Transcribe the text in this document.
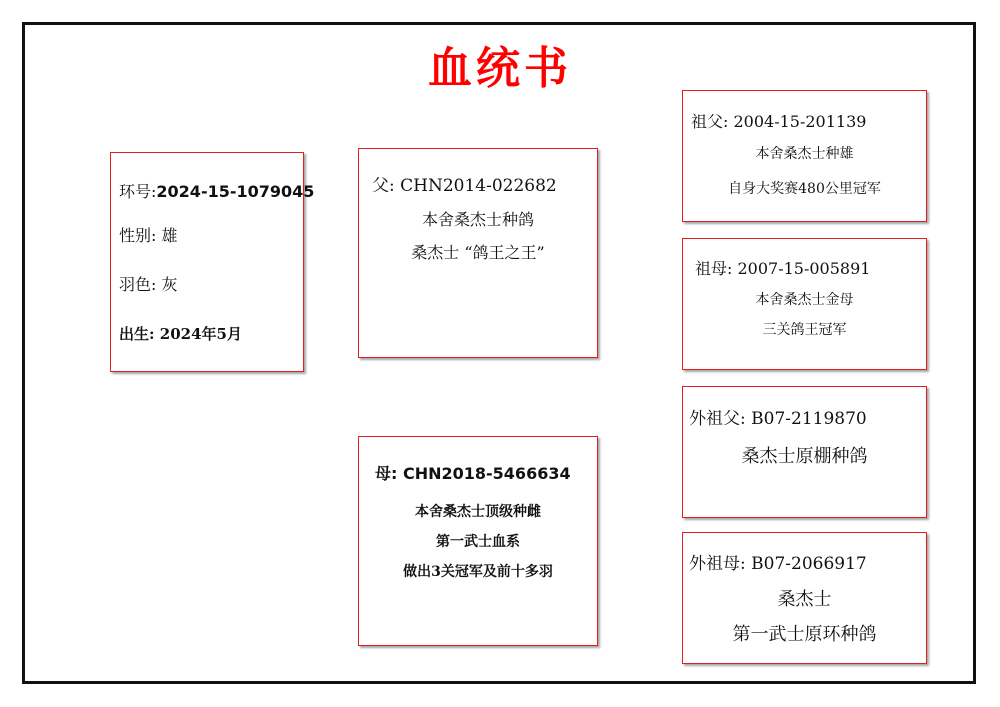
血统书
环号:2024-15-1079045
性别: 雄
羽色: 灰
出生: 2024年5月
父: CHN2014-022682
本舍桑杰士种鸽
桑杰士 “鸽王之王”
母: CHN2018-5466634
本舍桑杰士顶级种雌
第一武士血系
做出3关冠军及前十多羽
祖父: 2004-15-201139
本舍桑杰士种雄
自身大奖赛480公里冠军
祖母: 2007-15-005891
本舍桑杰士金母
三关鸽王冠军
外祖父: B07-2119870
桑杰士原棚种鸽
外祖母: B07-2066917
桑杰士
第一武士原环种鸽
